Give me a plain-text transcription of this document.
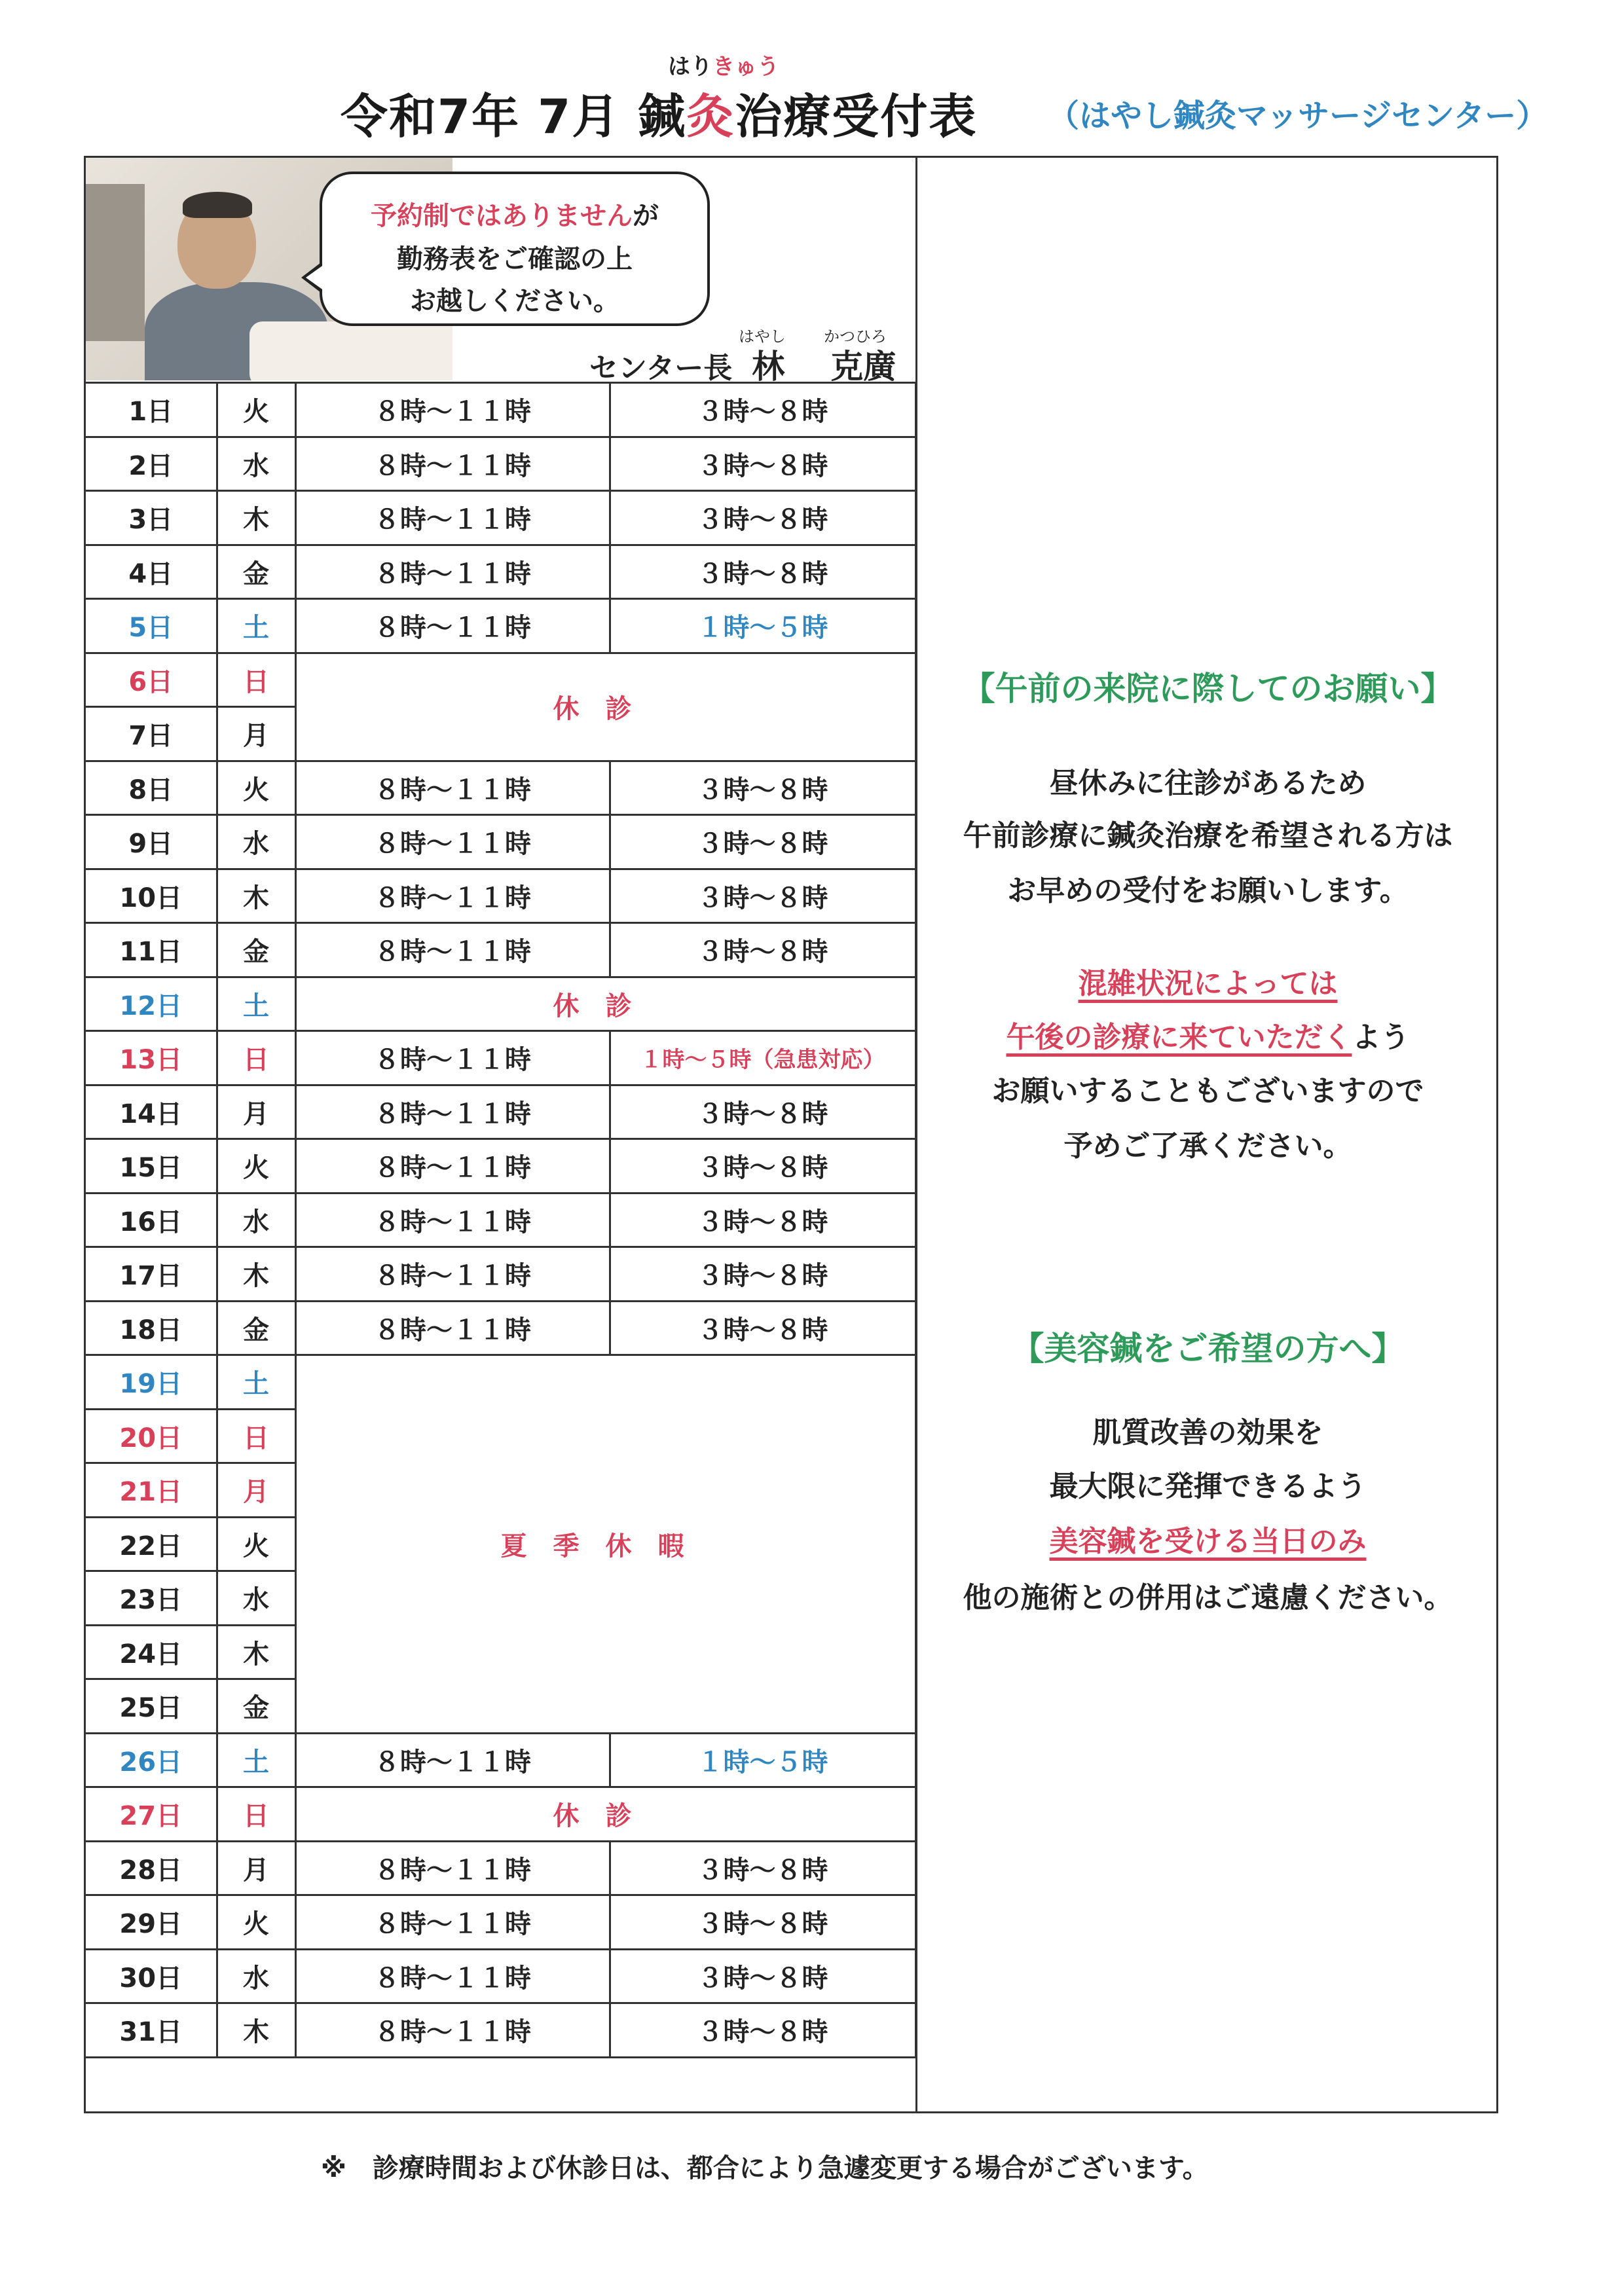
はり きゅう
令和7年 7月 鍼灸治療受付表 （はやし鍼灸マッサージセンター）
予約制ではありませんが
勤務表をご確認の上
お越しください。
はやし かつひろ
センター長 林 克廣
1日	火	８時～１１時	３時～８時
2日	水	８時～１１時	３時～８時
3日	木	８時～１１時	３時～８時
4日	金	８時～１１時	３時～８時
5日	土	８時～１１時	１時～５時
6日	日	休診	
7日	月		
8日	火	８時～１１時	３時～８時
9日	水	８時～１１時	３時～８時
10日	木	８時～１１時	３時～８時
11日	金	８時～１１時	３時～８時
12日	土	休診	
13日	日	８時～１１時	１時～５時（急患対応）
14日	月	８時～１１時	３時～８時
15日	火	８時～１１時	３時～８時
16日	水	８時～１１時	３時～８時
17日	木	８時～１１時	３時～８時
18日	金	８時～１１時	３時～８時
19日	土	夏季休暇	
20日	日		
21日	月		
22日	火		
23日	水		
24日	木		
25日	金		
26日	土	８時～１１時	１時～５時
27日	日	休診	
28日	月	８時～１１時	３時～８時
29日	火	８時～１１時	３時～８時
30日	水	８時～１１時	３時～８時
31日	木	８時～１１時	３時～８時
【午前の来院に際してのお願い】
昼休みに往診があるため
午前診療に鍼灸治療を希望される方は
お早めの受付をお願いします。
混雑状況によっては
午後の診療に来ていただくよう
お願いすることもございますので
予めご了承ください。
【美容鍼をご希望の方へ】
肌質改善の効果を
最大限に発揮できるよう
美容鍼を受ける当日のみ
他の施術との併用はご遠慮ください。
※　診療時間および休診日は、都合により急遽変更する場合がございます。
